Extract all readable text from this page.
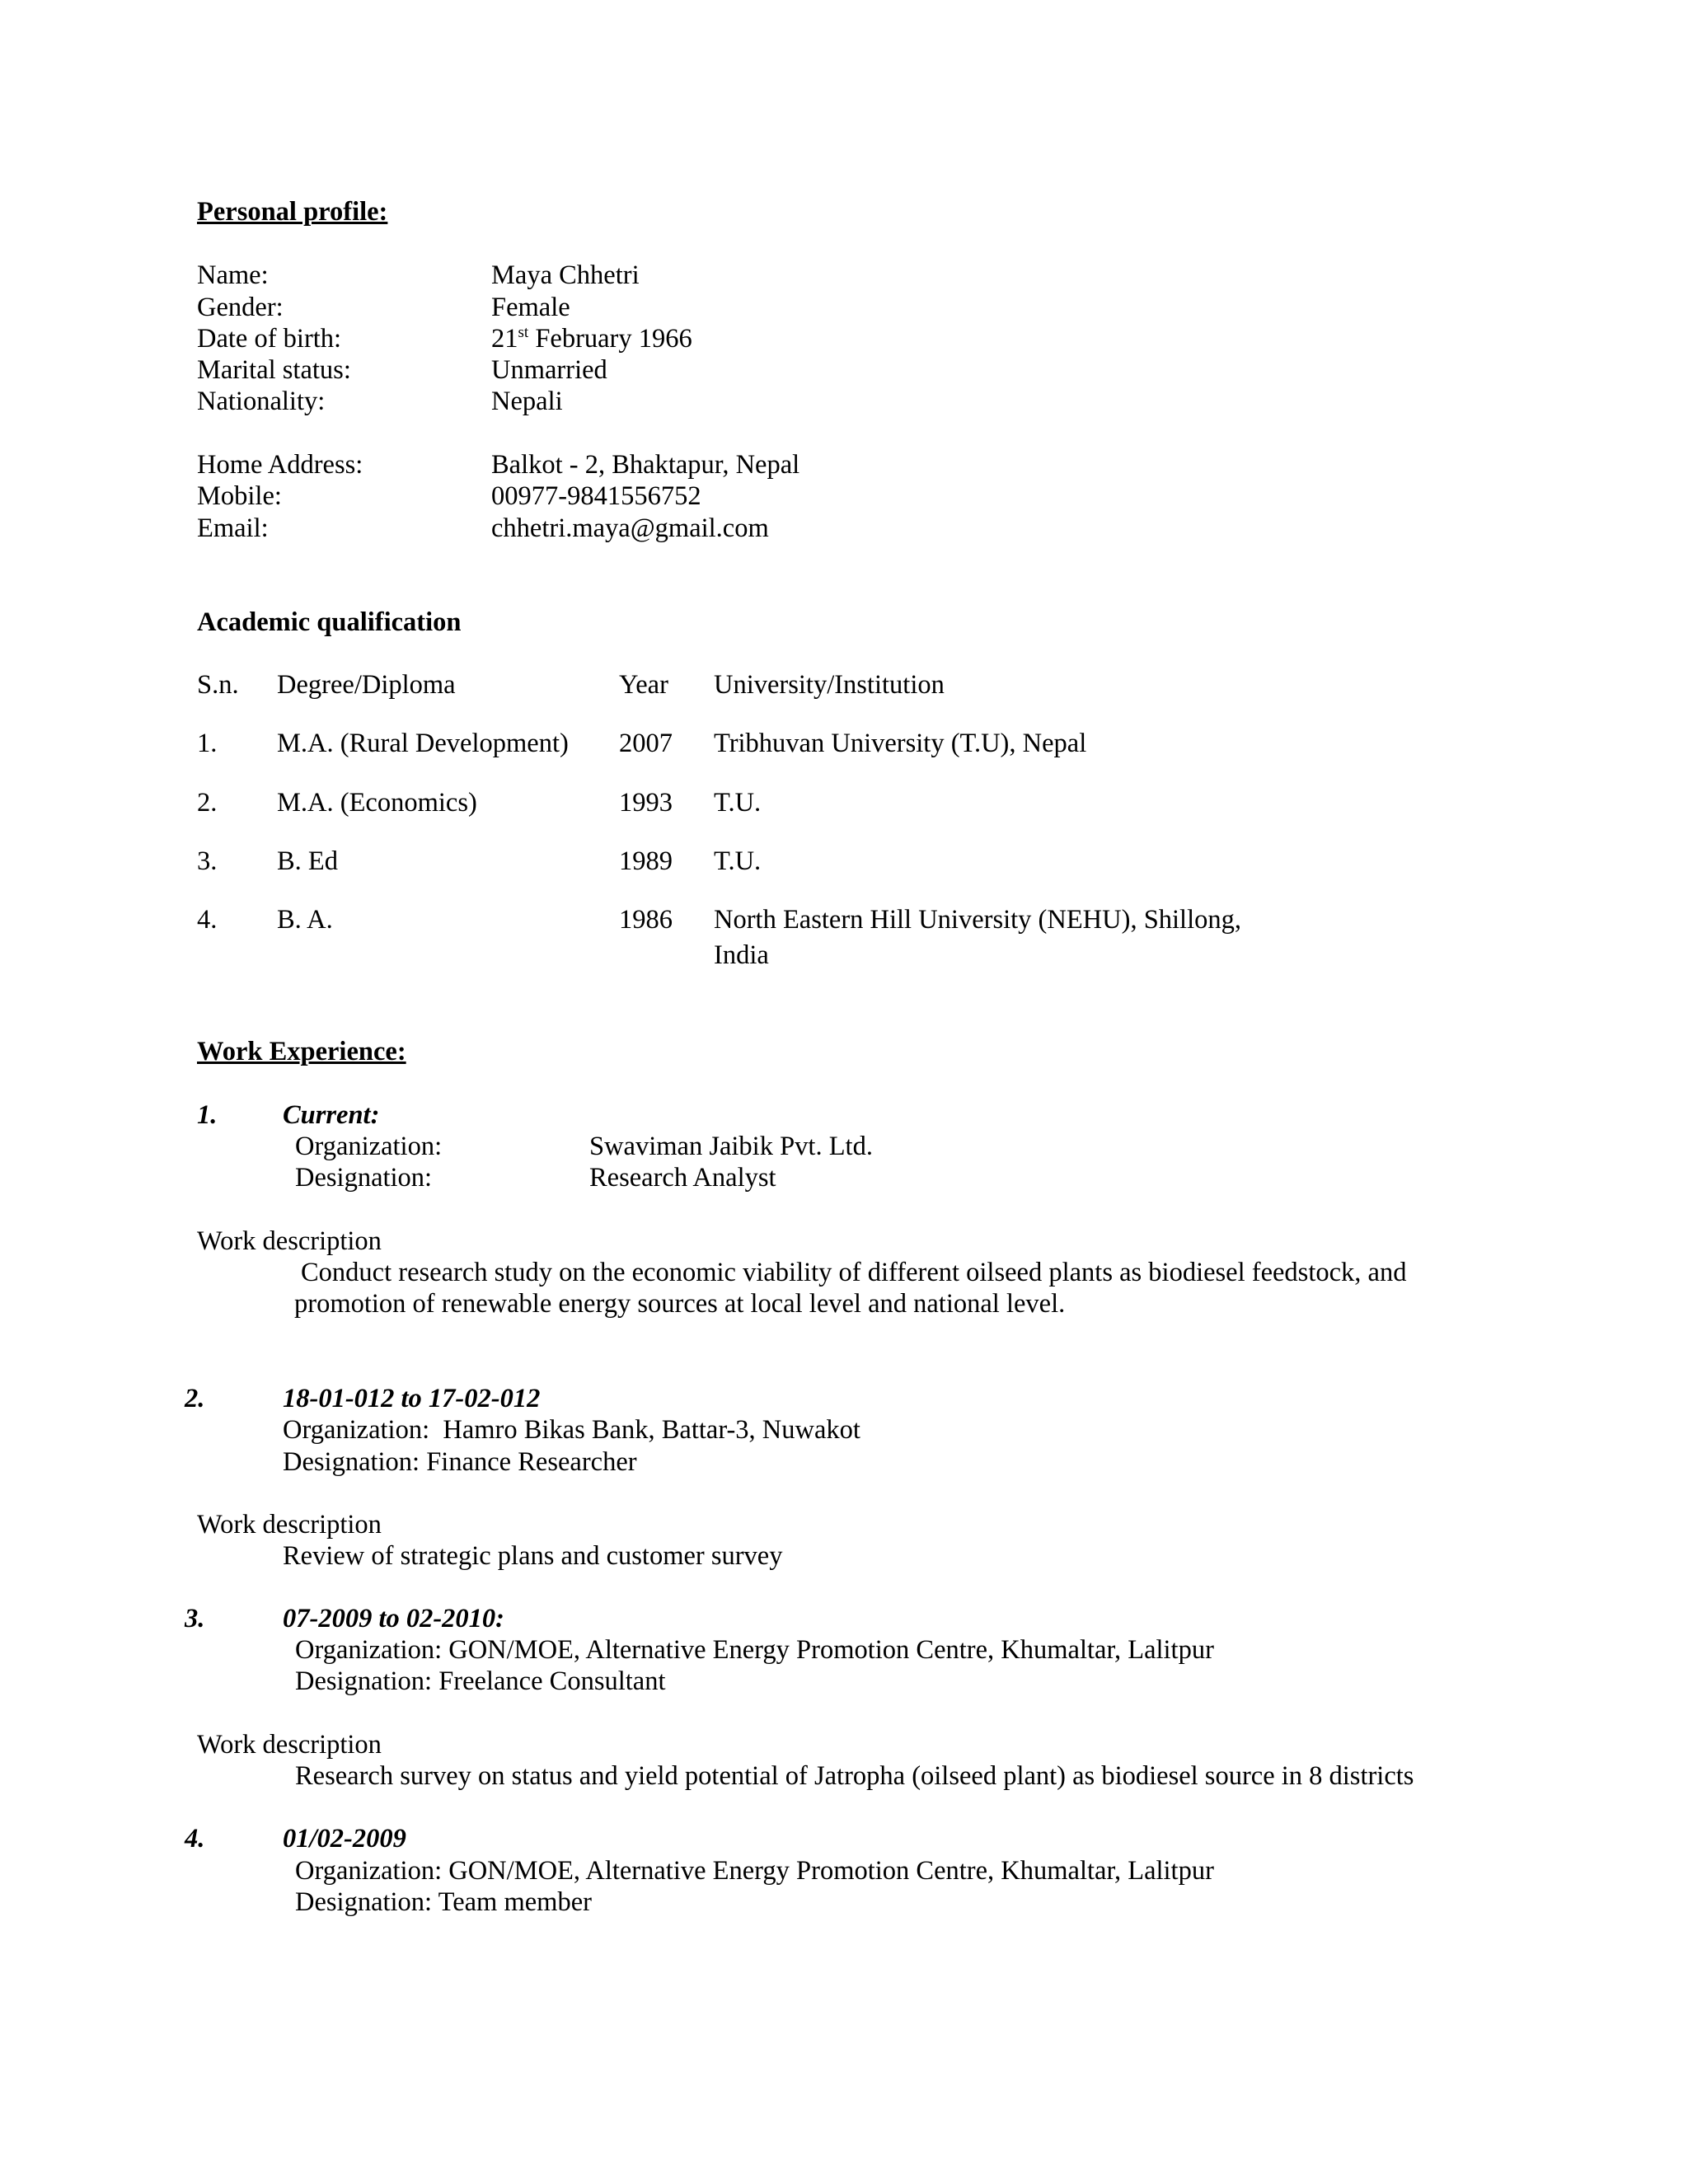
Personal profile:
Name:	Maya Chhetri
Gender:	Female
Date of birth:	21st February 1966
Marital status:	Unmarried
Nationality:	Nepali
Home Address:	Balkot - 2, Bhaktapur, Nepal
Mobile:	00977-9841556752
Email:	chhetri.maya@gmail.com
Academic qualification
S.n. Degree/Diploma	Year University/Institution
1. M.A. (Rural Development) 2007 Tribhuvan University (T.U), Nepal
2. M.A. (Economics)	1993 T.U.
3. B. Ed	1989 T.U.
4. B. A.	1986 North Eastern Hill University (NEHU), Shillong,
India
Work Experience:
1. Current:
Organization:	Swaviman Jaibik Pvt. Ltd.
Designation:	Research Analyst
Work description
Conduct research study on the economic viability of different oilseed plants as biodiesel feedstock, and
promotion of renewable energy sources at local level and national level.
2.	18-01-012 to 17-02-012
Organization:  Hamro Bikas Bank, Battar-3, Nuwakot
Designation: Finance Researcher
Work description
Review of strategic plans and customer survey
3.	07-2009 to 02-2010:
Organization: GON/MOE, Alternative Energy Promotion Centre, Khumaltar, Lalitpur
Designation: Freelance Consultant
Work description
Research survey on status and yield potential of Jatropha (oilseed plant) as biodiesel source in 8 districts
4.	01/02-2009
Organization: GON/MOE, Alternative Energy Promotion Centre, Khumaltar, Lalitpur
Designation: Team member
